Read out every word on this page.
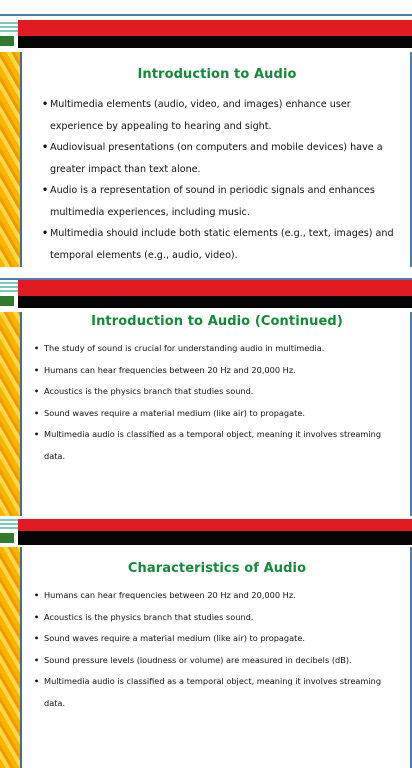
Introduction to Audio
• Multimedia elements (audio, video, and images) enhance user experience by appealing to hearing and sight.
• Audiovisual presentations (on computers and mobile devices) have a greater impact than text alone.
• Audio is a representation of sound in periodic signals and enhances multimedia experiences, including music.
• Multimedia should include both static elements (e.g., text, images) and temporal elements (e.g., audio, video).
Introduction to Audio (Continued)
• The study of sound is crucial for understanding audio in multimedia.
• Humans can hear frequencies between 20 Hz and 20,000 Hz.
• Acoustics is the physics branch that studies sound.
• Sound waves require a material medium (like air) to propagate.
• Multimedia audio is classified as a temporal object, meaning it involves streaming data.
Characteristics of Audio
• Humans can hear frequencies between 20 Hz and 20,000 Hz.
• Acoustics is the physics branch that studies sound.
• Sound waves require a material medium (like air) to propagate.
• Sound pressure levels (loudness or volume) are measured in decibels (dB).
• Multimedia audio is classified as a temporal object, meaning it involves streaming data.
